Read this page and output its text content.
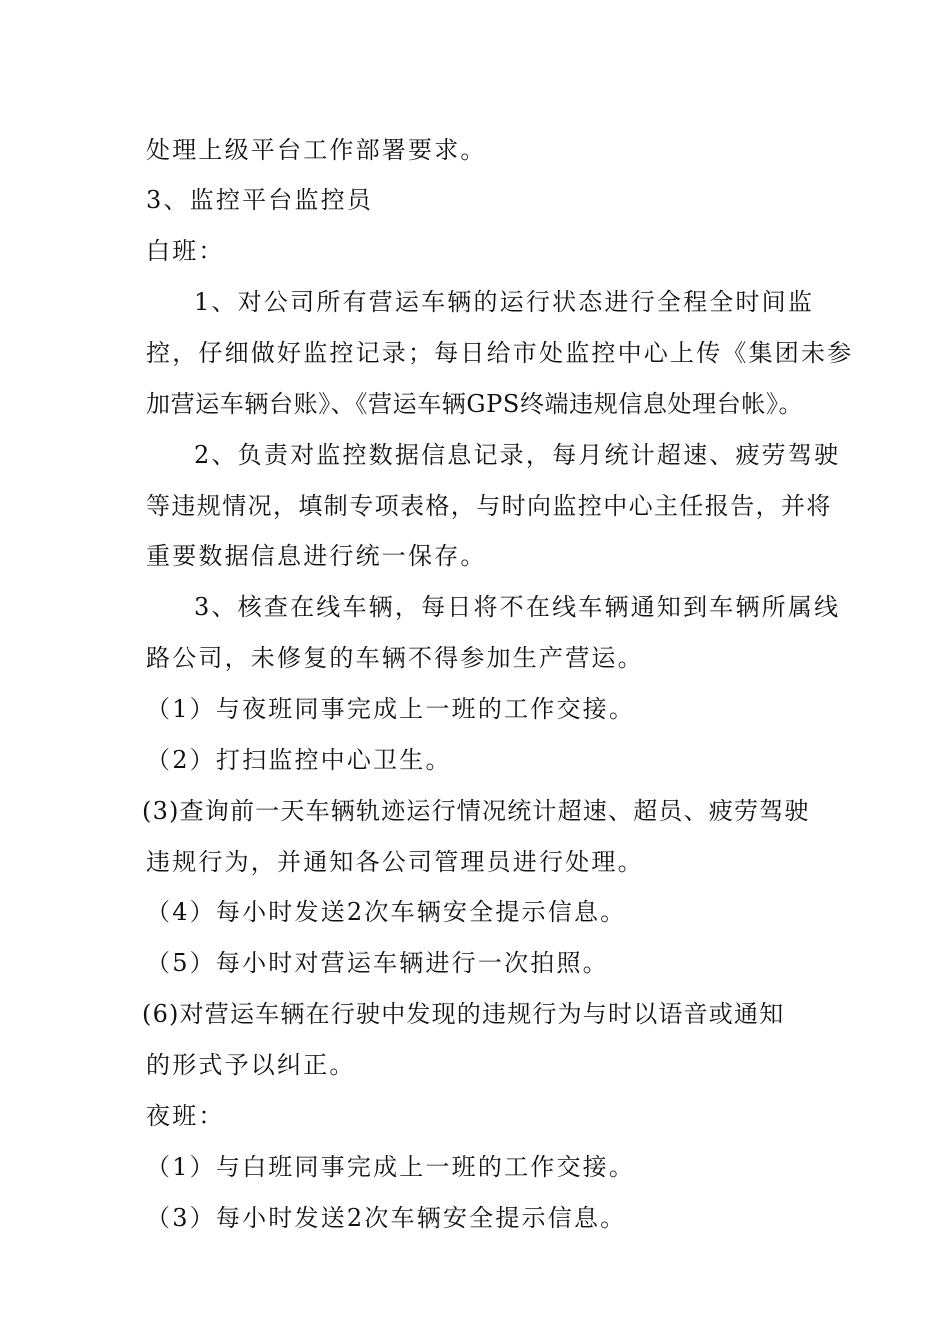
处理上级平台工作部署要求。
3、监控平台监控员
白班：
1、对公司所有营运车辆的运行状态进行全程全时间监
控，仔细做好监控记录；每日给市处监控中心上传《集团未参
加营运车辆台账》、《营运车辆GPS终端违规信息处理台帐》。
2、负责对监控数据信息记录，每月统计超速、疲劳驾驶
等违规情况，填制专项表格，与时向监控中心主任报告，并将
重要数据信息进行统一保存。
3、核查在线车辆，每日将不在线车辆通知到车辆所属线
路公司，未修复的车辆不得参加生产营运。
（1）与夜班同事完成上一班的工作交接。
（2）打扫监控中心卫生。
(3)查询前一天车辆轨迹运行情况统计超速、超员、疲劳驾驶
违规行为，并通知各公司管理员进行处理。
（4）每小时发送2次车辆安全提示信息。
（5）每小时对营运车辆进行一次拍照。
(6)对营运车辆在行驶中发现的违规行为与时以语音或通知
的形式予以纠正。
夜班：
（1）与白班同事完成上一班的工作交接。
（3）每小时发送2次车辆安全提示信息。
